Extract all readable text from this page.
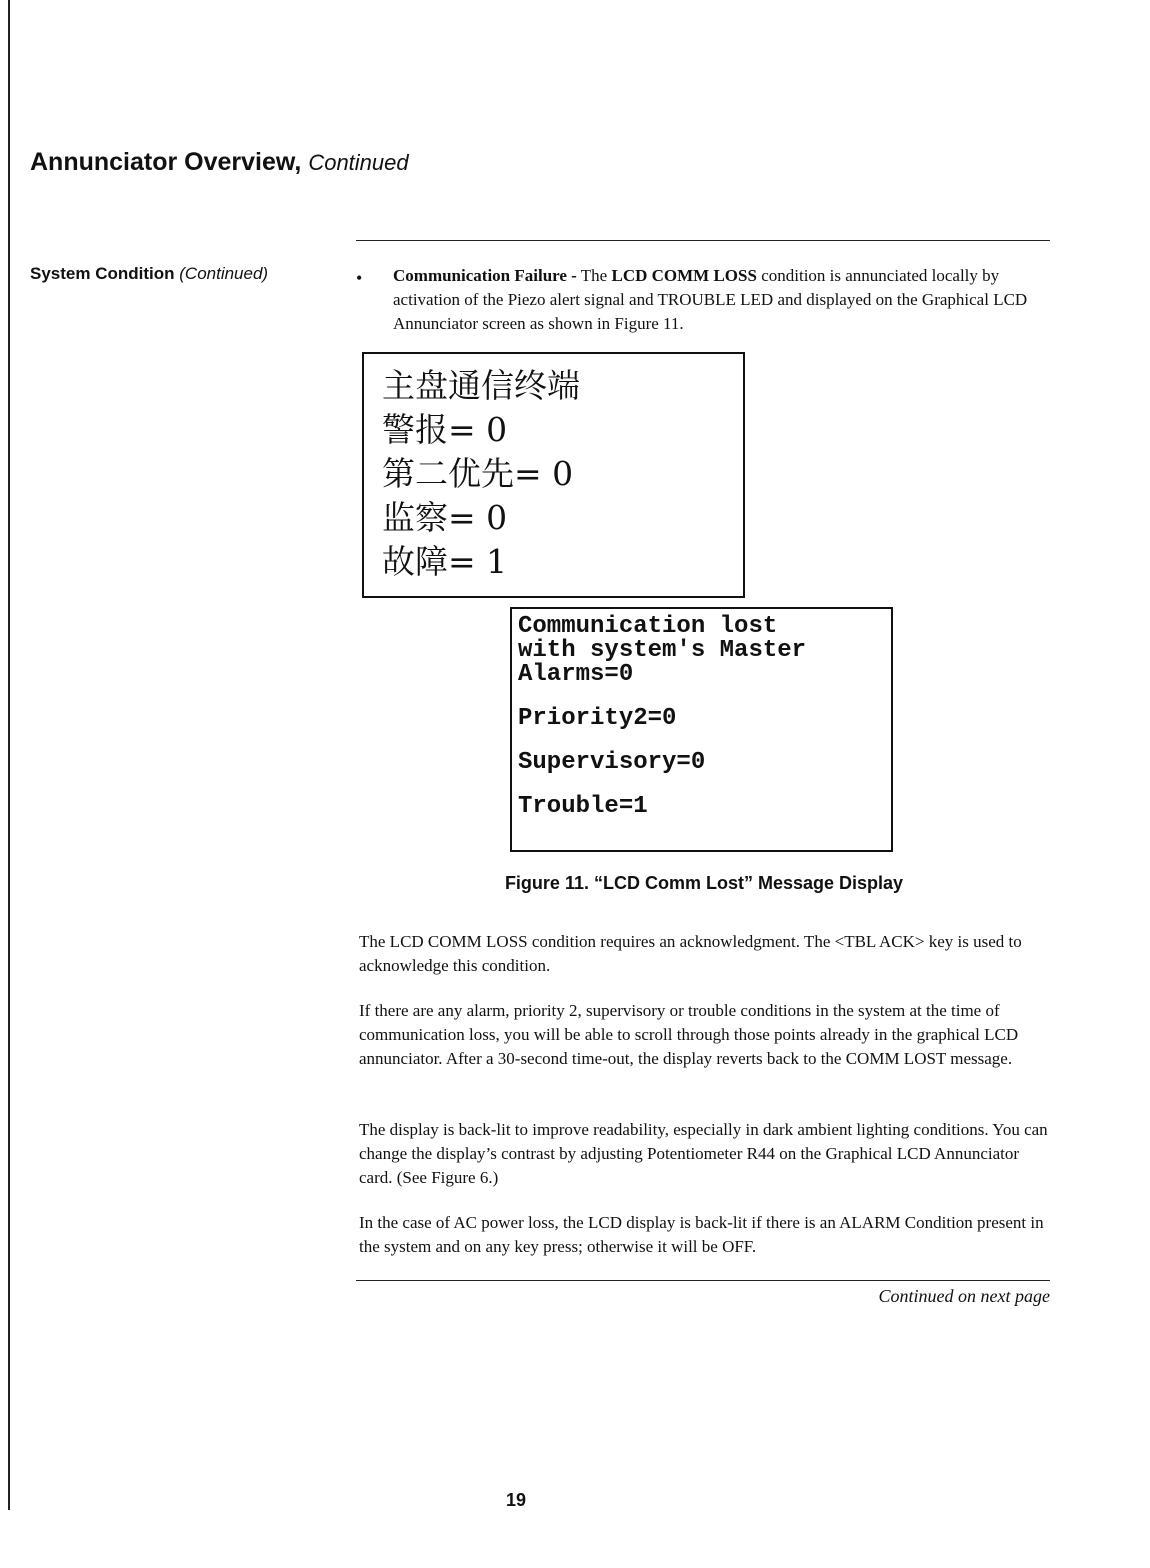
Annunciator Overview, Continued
System Condition (Continued)	• Communication Failure - The LCD COMM LOSS condition is annunciated locally by activation of the Piezo alert signal and TROUBLE LED and displayed on the Graphical LCD Annunciator screen as shown in Figure 11.

主盘通信终端
警报= 0
第二优先= 0
监察= 0
故障= 1
Communication lost
with system's Master
Alarms=0
Priority2=0
Supervisory=0
Trouble=1
Figure 11. “LCD Comm Lost” Message Display

The LCD COMM LOSS condition requires an acknowledgment. The <TBL ACK> key is used to acknowledge this condition.

If there are any alarm, priority 2, supervisory or trouble conditions in the system at the time of communication loss, you will be able to scroll through those points already in the graphical LCD annunciator. After a 30-second time-out, the display reverts back to the COMM LOST message.

The display is back-lit to improve readability, especially in dark ambient lighting conditions. You can change the display’s contrast by adjusting Potentiometer R44 on the Graphical LCD Annunciator card. (See Figure 6.)

In the case of AC power loss, the LCD display is back-lit if there is an ALARM Condition present in the system and on any key press; otherwise it will be OFF.

Continued on next page
19
